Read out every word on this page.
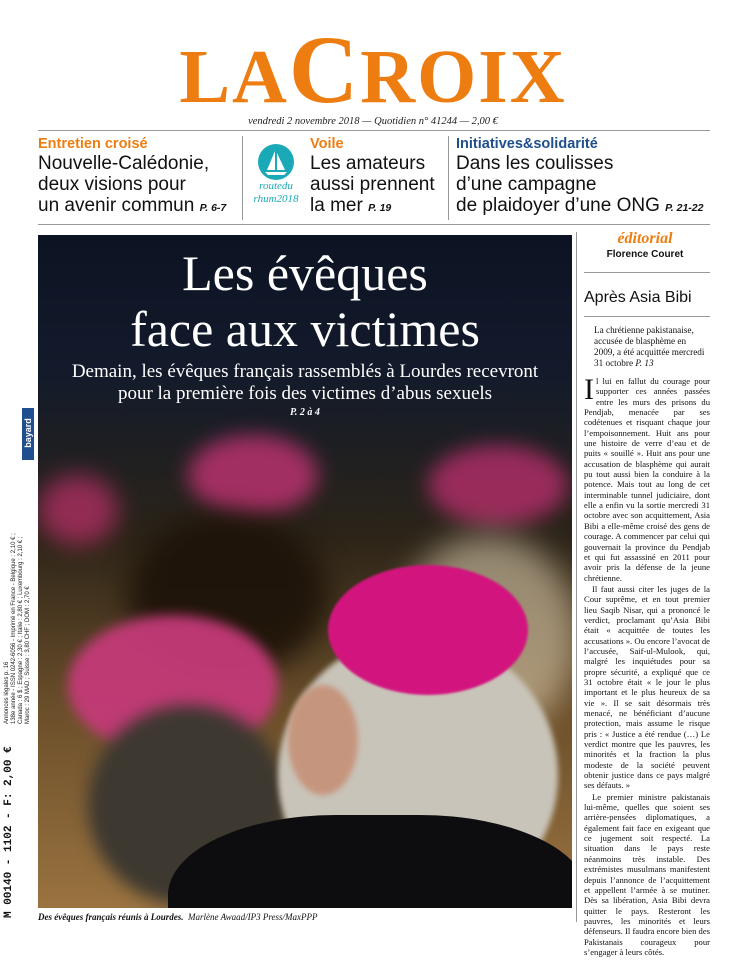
LACROIX
vendredi 2 novembre 2018 — Quotidien n° 41244 — 2,00 €
Entretien croisé
Nouvelle-Calédonie,
deux visions pour
un avenir commun P. 6-7
routedu
rhum2018
Voile
Les amateurs
aussi prennent
la mer P. 19
Initiatives&solidarité
Dans les coulisses
d’une campagne
de plaidoyer d’une ONG P. 21-22
Les évêques
face aux victimes
Demain, les évêques français rassemblés à Lourdes recevront
pour la première fois des victimes d’abus sexuels
P. 2 à 4
Des évêques français réunis à Lourdes. Marlène Awaad/IP3 Press/MaxPPP
bayard
Annonces légales p. 16 138e année - ISSN 0242-6056 - Imprimé en France - Belgique : 2,10 € ; Canada : 6 $ ; Espagne : 2,30 € ; Italie : 2,80 € ; Luxembourg : 2,10 € ; Maroc : 29 MAD ; Suisse : 3,80 CHF ; DOM : 2,70 €
M 00140 - 1102 - F: 2,00 €
éditorial
Florence Couret
Après Asia Bibi
La chrétienne pakistanaise, accusée de blasphème en 2009, a été acquittée mercredi 31 octobre P. 13

Il lui en fallut du courage pour supporter ces années passées entre les murs des prisons du Pendjab, menacée par ses codétenues et risquant chaque jour l’empoisonnement. Huit ans pour une histoire de verre d’eau et de puits « souillé ». Huit ans pour une accusation de blasphème qui aurait pu tout aussi bien la conduire à la potence. Mais tout au long de cet interminable tunnel judiciaire, dont elle a enfin vu la sortie mercredi 31 octobre avec son acquittement, Asia Bibi a elle-même croisé des gens de courage. A commencer par celui qui gouvernait la province du Pendjab et qui fut assassiné en 2011 pour avoir pris la défense de la jeune chrétienne.

Il faut aussi citer les juges de la Cour suprême, et en tout premier lieu Saqib Nisar, qui a prononcé le verdict, proclamant qu’Asia Bibi était « acquittée de toutes les accusations ». Ou encore l’avocat de l’accusée, Saif-ul-Mulook, qui, malgré les inquiétudes pour sa propre sécurité, a expliqué que ce 31 octobre était « le jour le plus important et le plus heureux de sa vie ». Il se sait désormais très menacé, ne bénéficiant d’aucune protection, mais assume le risque pris : « Justice a été rendue (…) Le verdict montre que les pauvres, les minorités et la fraction la plus modeste de la société peuvent obtenir justice dans ce pays malgré ses défauts. »

Le premier ministre pakistanais lui-même, quelles que soient ses arrière-pensées diplomatiques, a également fait face en exigeant que ce jugement soit respecté. La situation dans le pays reste néanmoins très instable. Des extrémistes musulmans manifestent depuis l’annonce de l’acquittement et appellent l’armée à se mutiner. Dès sa libération, Asia Bibi devra quitter le pays. Resteront les pauvres, les minorités et leurs défenseurs. Il faudra encore bien des Pakistanais courageux pour s’engager à leurs côtés.
